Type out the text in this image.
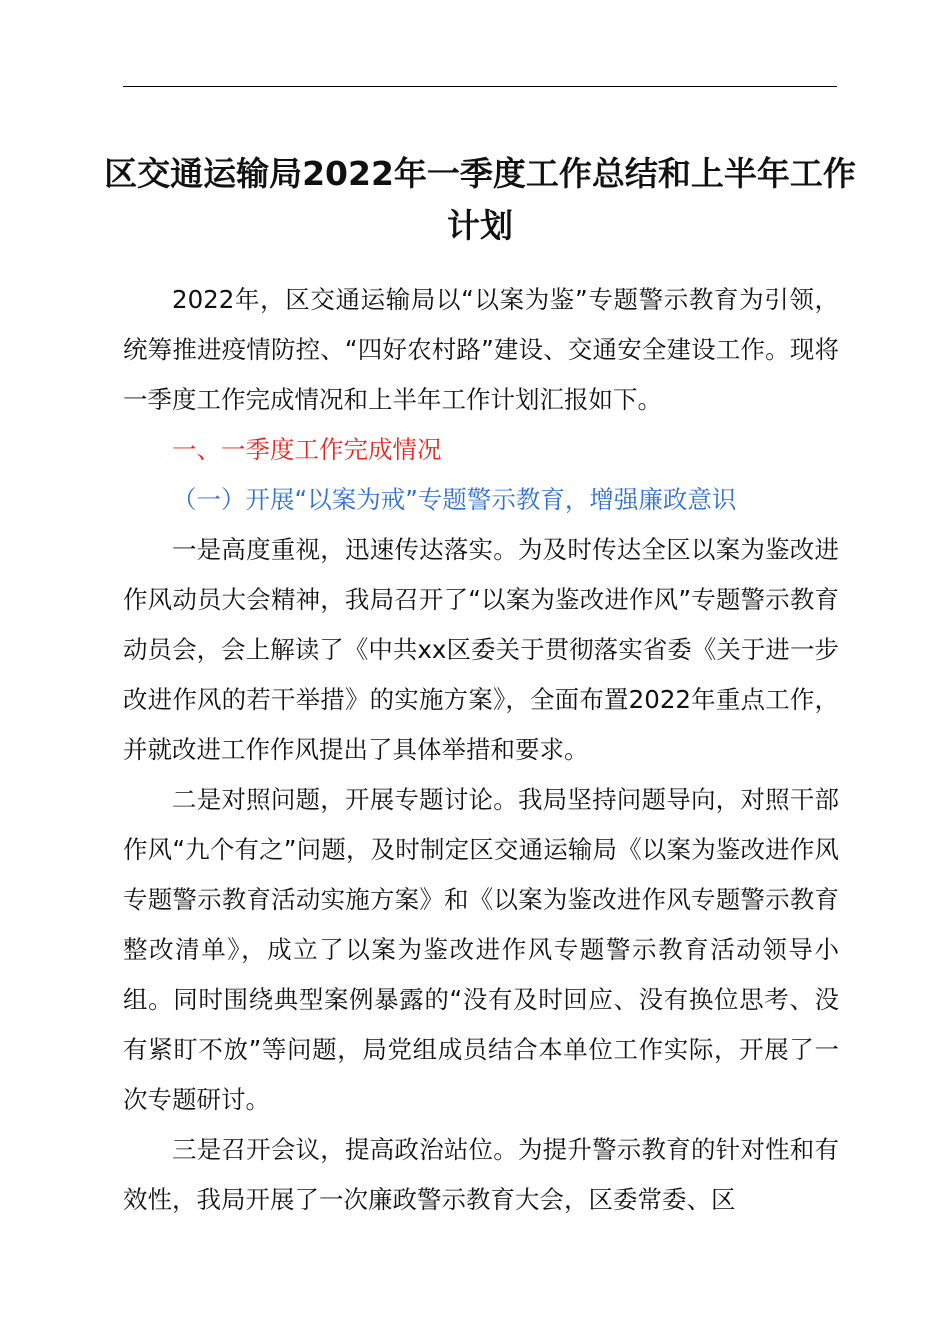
区交通运输局2022年一季度工作总结和上半年工作计划

2022年，区交通运输局以“以案为鉴”专题警示教育为引领，统筹推进疫情防控、“四好农村路”建设、交通安全建设工作。现将一季度工作完成情况和上半年工作计划汇报如下。

一、一季度工作完成情况

（一）开展“以案为戒”专题警示教育，增强廉政意识

一是高度重视，迅速传达落实。为及时传达全区以案为鉴改进作风动员大会精神，我局召开了“以案为鉴改进作风”专题警示教育动员会，会上解读了《中共xx区委关于贯彻落实省委《关于进一步改进作风的若干举措》的实施方案》，全面布置2022年重点工作，并就改进工作作风提出了具体举措和要求。

二是对照问题，开展专题讨论。我局坚持问题导向，对照干部作风“九个有之”问题，及时制定区交通运输局《以案为鉴改进作风专题警示教育活动实施方案》和《以案为鉴改进作风专题警示教育整改清单》，成立了以案为鉴改进作风专题警示教育活动领导小组。同时围绕典型案例暴露的“没有及时回应、没有换位思考、没有紧盯不放”等问题，局党组成员结合本单位工作实际，开展了一次专题研讨。

三是召开会议，提高政治站位。为提升警示教育的针对性和有效性，我局开展了一次廉政警示教育大会，区委常委、区
